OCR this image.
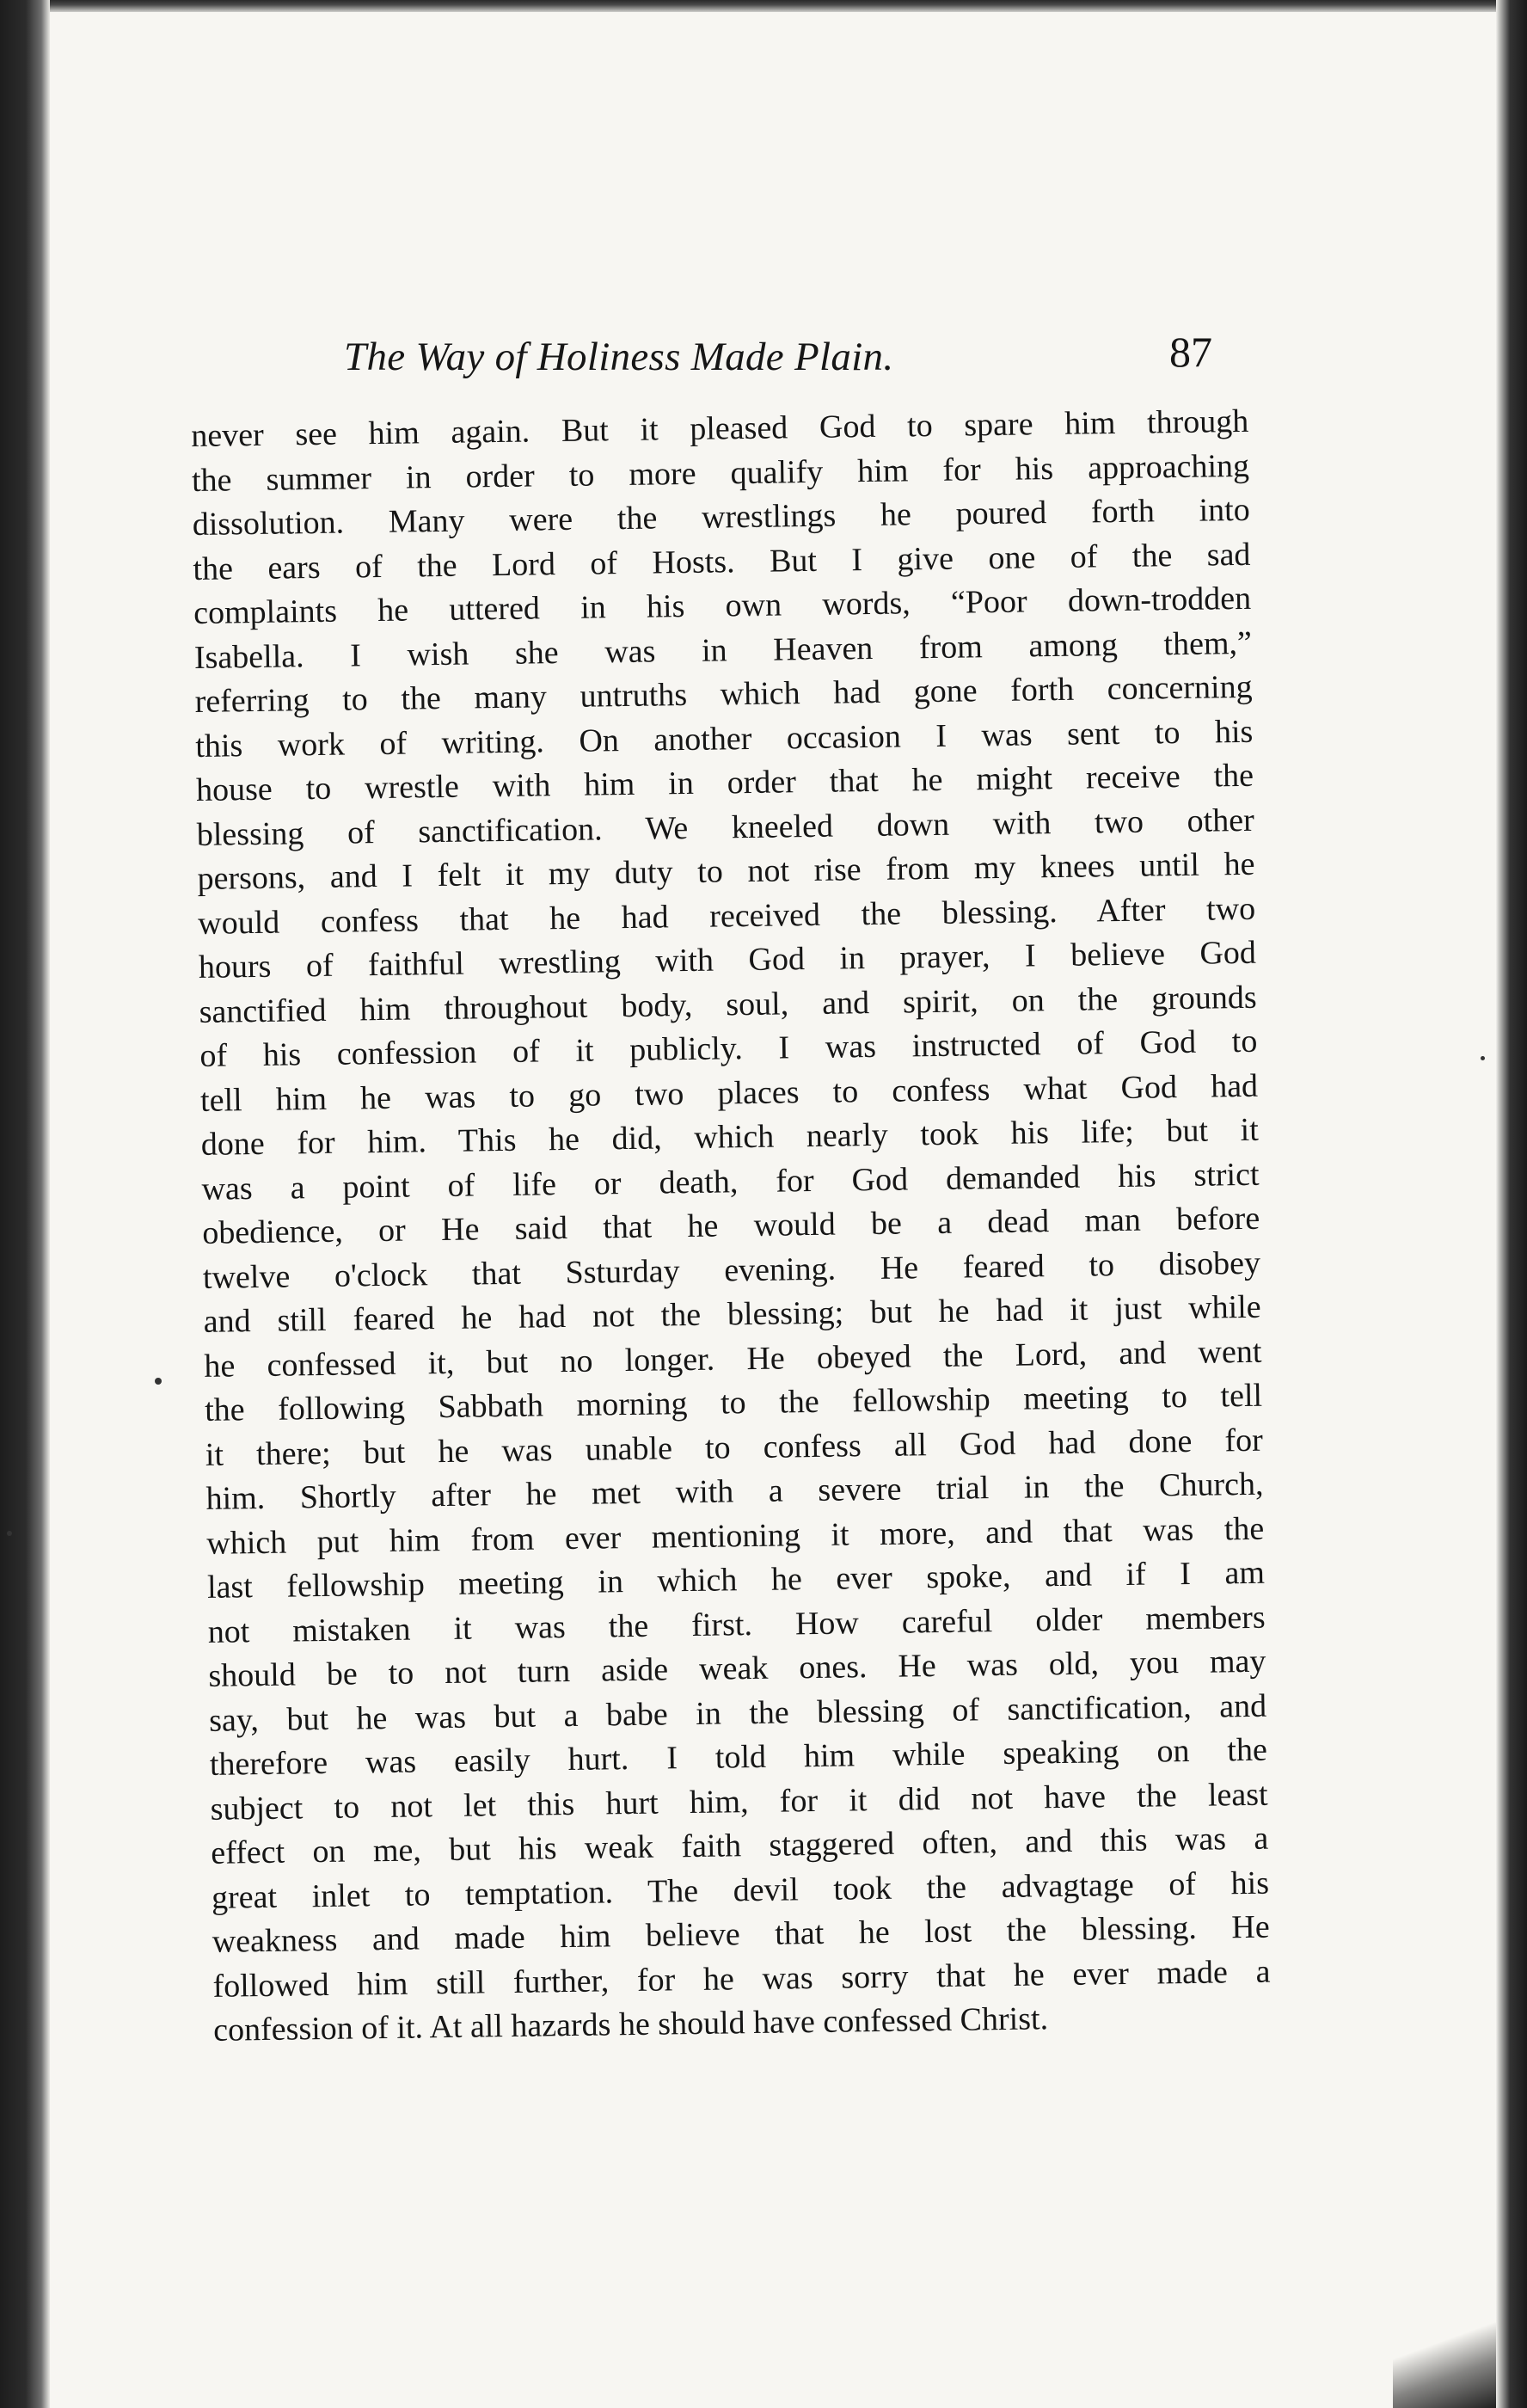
The Way of Holiness Made Plain.	87
never see him again. But it pleased God to spare him through
the summer in order to more qualify him for his approaching
dissolution. Many were the wrestlings he poured forth into
the ears of the Lord of Hosts. But I give one of the sad
complaints he uttered in his own words, “Poor down-trodden
Isabella. I wish she was in Heaven from among them,”
referring to the many untruths which had gone forth concerning
this work of writing. On another occasion I was sent to his
house to wrestle with him in order that he might receive the
blessing of sanctification. We kneeled down with two other
persons, and I felt it my duty to not rise from my knees until he
would confess that he had received the blessing. After two
hours of faithful wrestling with God in prayer, I believe God
sanctified him throughout body, soul, and spirit, on the grounds
of his confession of it publicly. I was instructed of God to
tell him he was to go two places to confess what God had
done for him. This he did, which nearly took his life; but it
was a point of life or death, for God demanded his strict
obedience, or He said that he would be a dead man before
twelve o'clock that Ssturday evening. He feared to disobey
and still feared he had not the blessing; but he had it just while
he confessed it, but no longer. He obeyed the Lord, and went
the following Sabbath morning to the fellowship meeting to tell
it there; but he was unable to confess all God had done for
him. Shortly after he met with a severe trial in the Church,
which put him from ever mentioning it more, and that was the
last fellowship meeting in which he ever spoke, and if I am
not mistaken it was the first. How careful older members
should be to not turn aside weak ones. He was old, you may
say, but he was but a babe in the blessing of sanctification, and
therefore was easily hurt. I told him while speaking on the
subject to not let this hurt him, for it did not have the least
effect on me, but his weak faith staggered often, and this was a
great inlet to temptation. The devil took the advagtage of his
weakness and made him believe that he lost the blessing. He
followed him still further, for he was sorry that he ever made a
confession of it. At all hazards he should have confessed Christ.
